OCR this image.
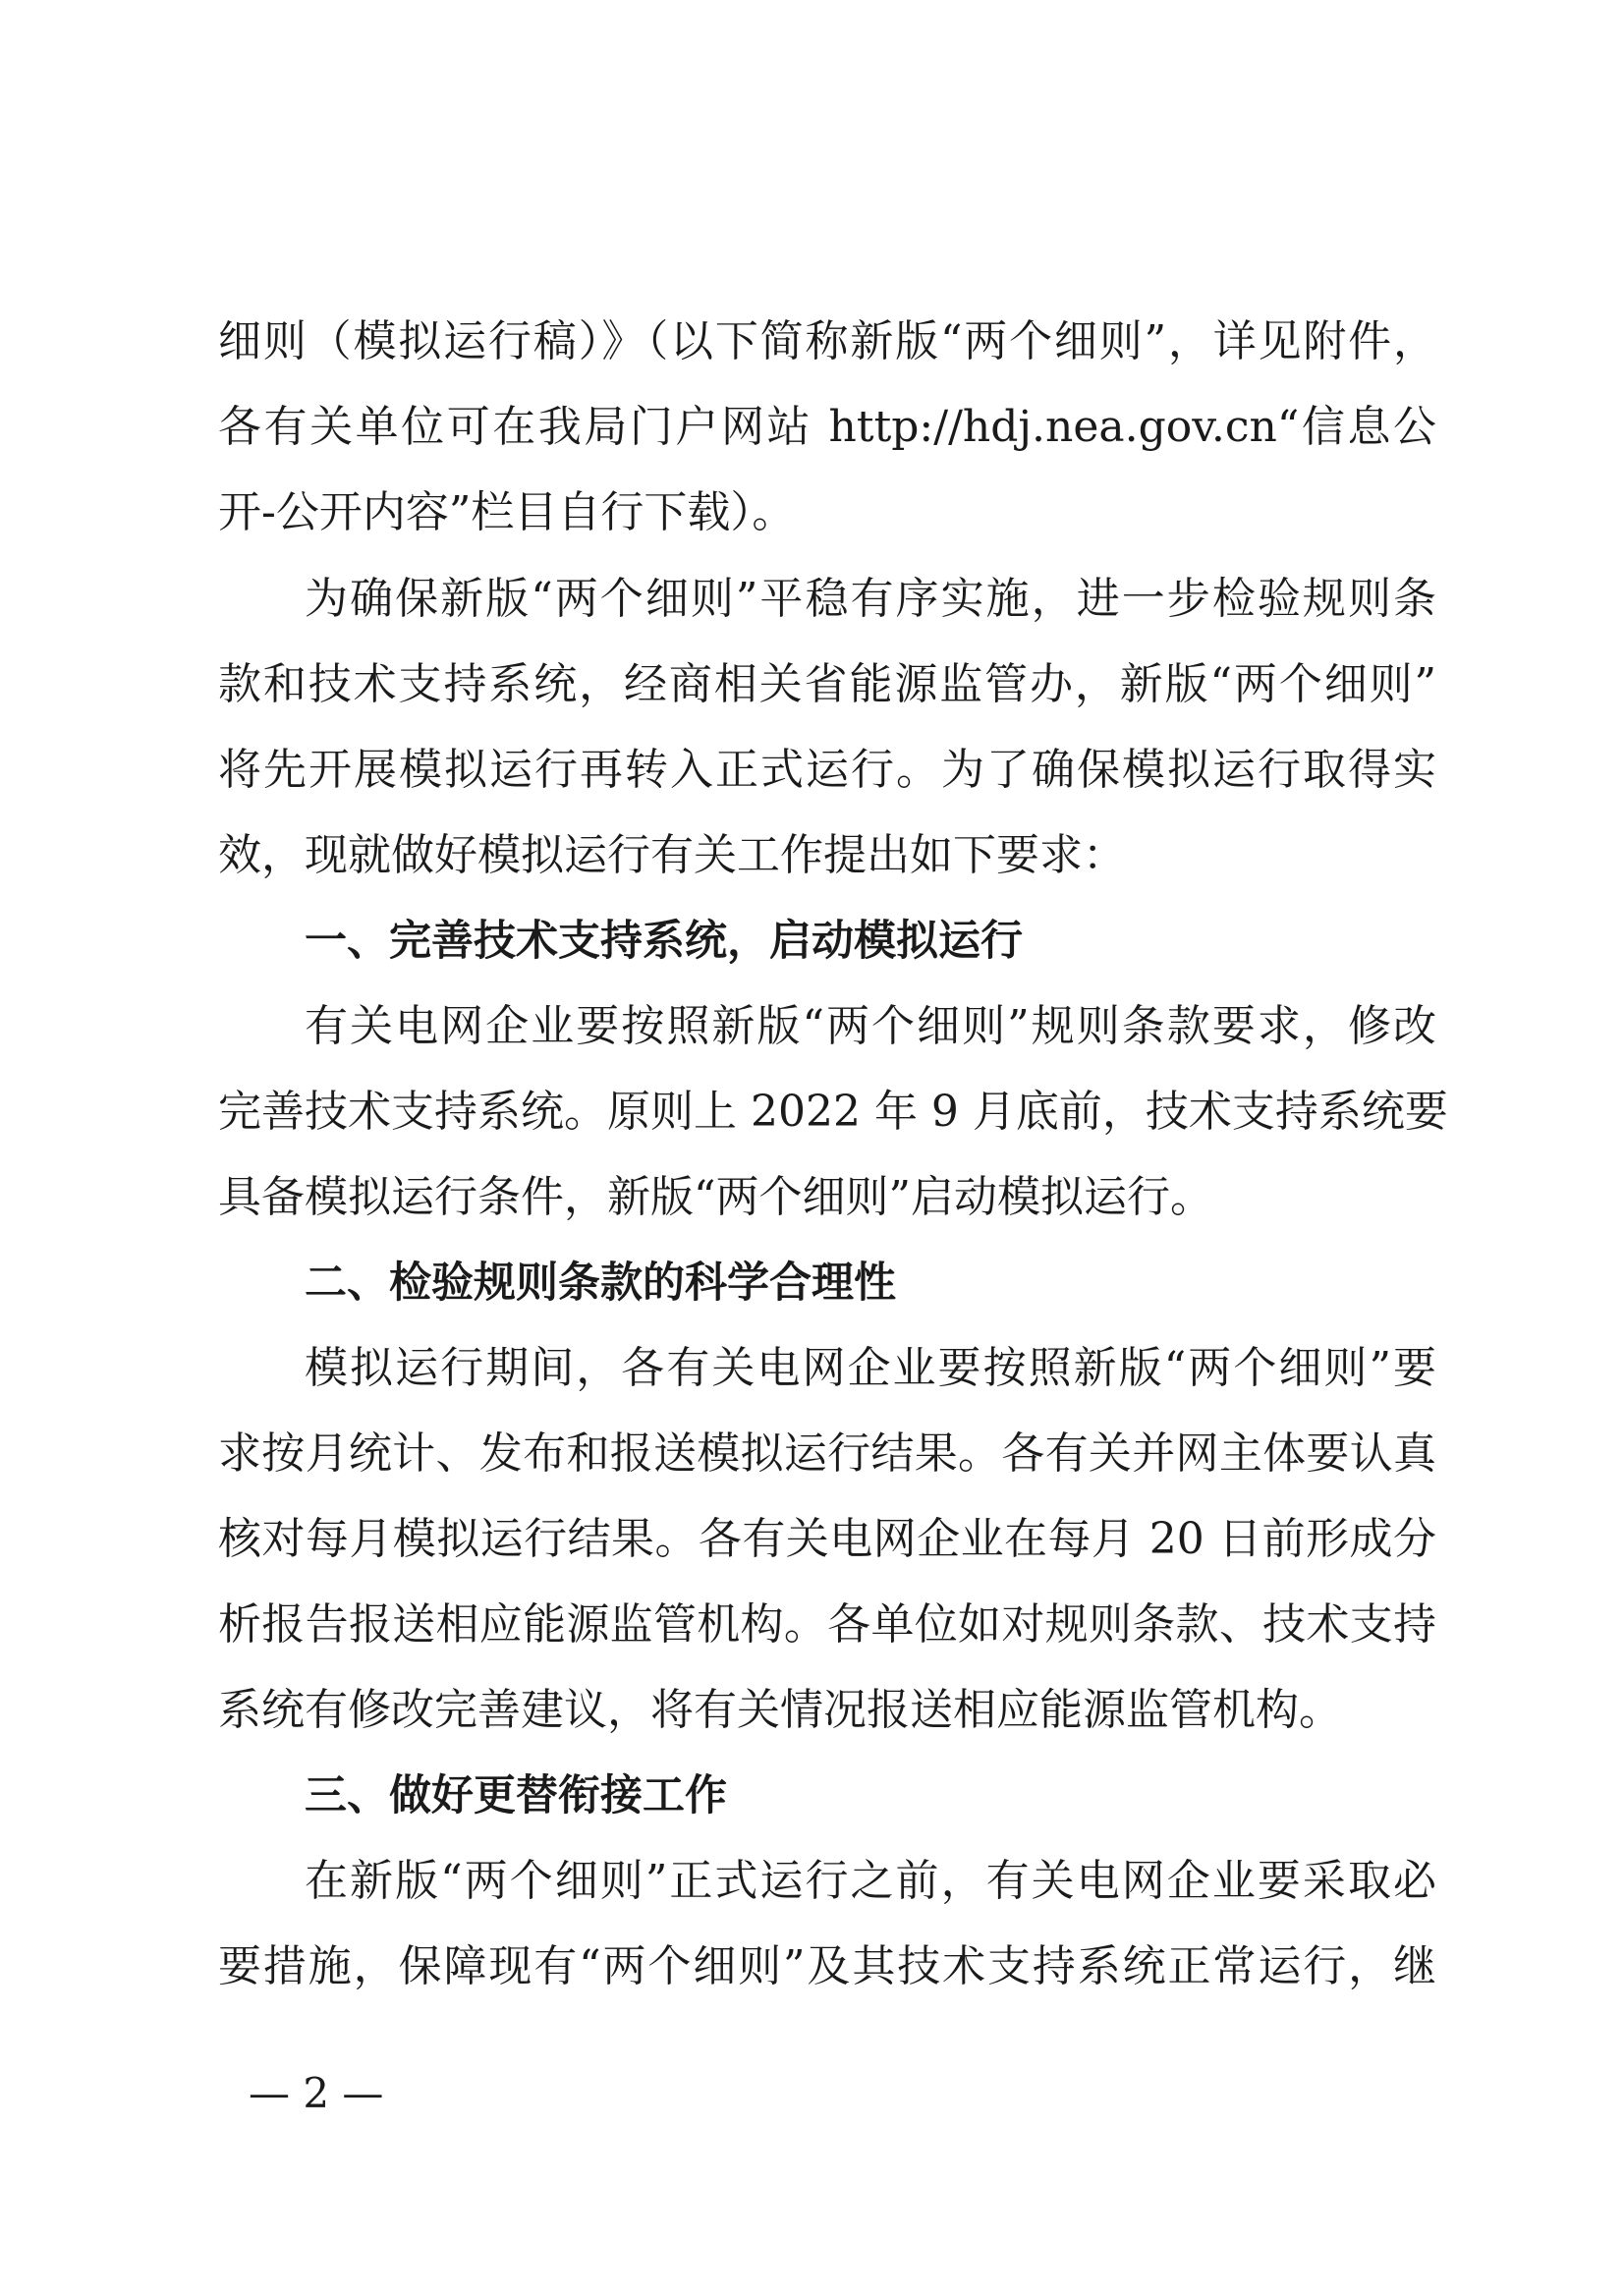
细则（模拟运行稿）》（以下简称新版“两个细则”，详见附件，
各有关单位可在我局门户网站 http://hdj.nea.gov.cn“信息公
开-公开内容”栏目自行下载）。
为确保新版“两个细则”平稳有序实施，进一步检验规则条
款和技术支持系统，经商相关省能源监管办，新版“两个细则”
将先开展模拟运行再转入正式运行。为了确保模拟运行取得实
效，现就做好模拟运行有关工作提出如下要求：
一、完善技术支持系统，启动模拟运行
有关电网企业要按照新版“两个细则”规则条款要求，修改
完善技术支持系统。原则上 2022 年 9 月底前，技术支持系统要
具备模拟运行条件，新版“两个细则”启动模拟运行。
二、检验规则条款的科学合理性
模拟运行期间，各有关电网企业要按照新版“两个细则”要
求按月统计、发布和报送模拟运行结果。各有关并网主体要认真
核对每月模拟运行结果。各有关电网企业在每月 20 日前形成分
析报告报送相应能源监管机构。各单位如对规则条款、技术支持
系统有修改完善建议，将有关情况报送相应能源监管机构。
三、做好更替衔接工作
在新版“两个细则”正式运行之前，有关电网企业要采取必
要措施，保障现有“两个细则”及其技术支持系统正常运行，继
— 2 —
